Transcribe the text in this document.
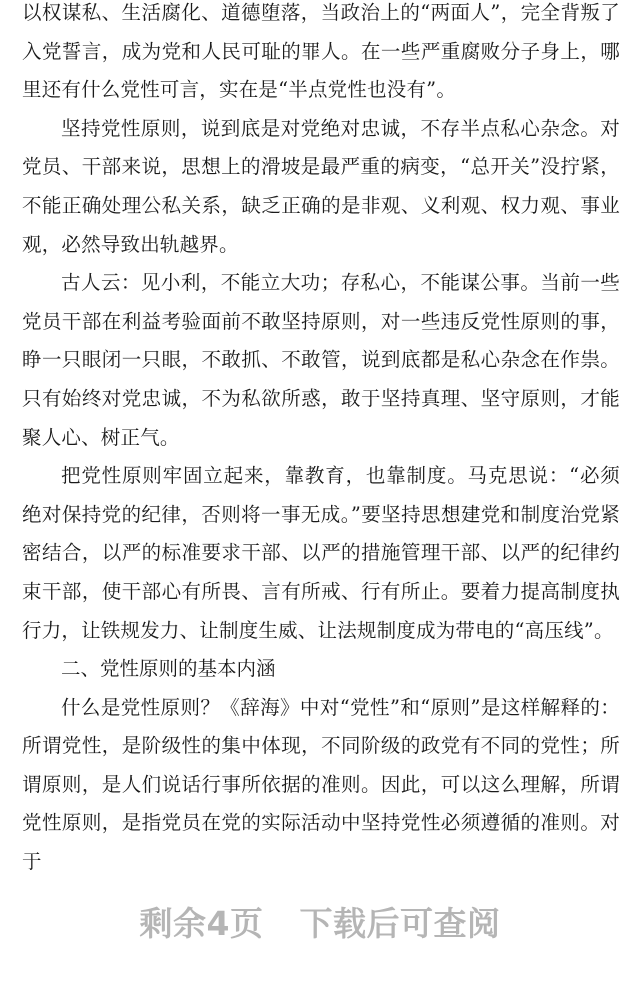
以权谋私、生活腐化、道德堕落，当政治上的“两面人”，完全背叛了入党誓言，成为党和人民可耻的罪人。在一些严重腐败分子身上，哪里还有什么党性可言，实在是“半点党性也没有”。

坚持党性原则，说到底是对党绝对忠诚，不存半点私心杂念。对党员、干部来说，思想上的滑坡是最严重的病变，“总开关”没拧紧，不能正确处理公私关系，缺乏正确的是非观、义利观、权力观、事业观，必然导致出轨越界。

古人云：见小利，不能立大功；存私心，不能谋公事。当前一些党员干部在利益考验面前不敢坚持原则，对一些违反党性原则的事，睁一只眼闭一只眼，不敢抓、不敢管，说到底都是私心杂念在作祟。只有始终对党忠诚，不为私欲所惑，敢于坚持真理、坚守原则，才能聚人心、树正气。

把党性原则牢固立起来，靠教育，也靠制度。马克思说：“必须绝对保持党的纪律，否则将一事无成。”要坚持思想建党和制度治党紧密结合，以严的标准要求干部、以严的措施管理干部、以严的纪律约束干部，使干部心有所畏、言有所戒、行有所止。要着力提高制度执行力，让铁规发力、让制度生威、让法规制度成为带电的“高压线”。

二、党性原则的基本内涵

什么是党性原则？《辞海》中对“党性”和“原则”是这样解释的：所谓党性，是阶级性的集中体现，不同阶级的政党有不同的党性；所谓原则，是人们说话行事所依据的准则。因此，可以这么理解，所谓党性原则，是指党员在党的实际活动中坚持党性必须遵循的准则。对于

剩余4页 下载后可查阅
